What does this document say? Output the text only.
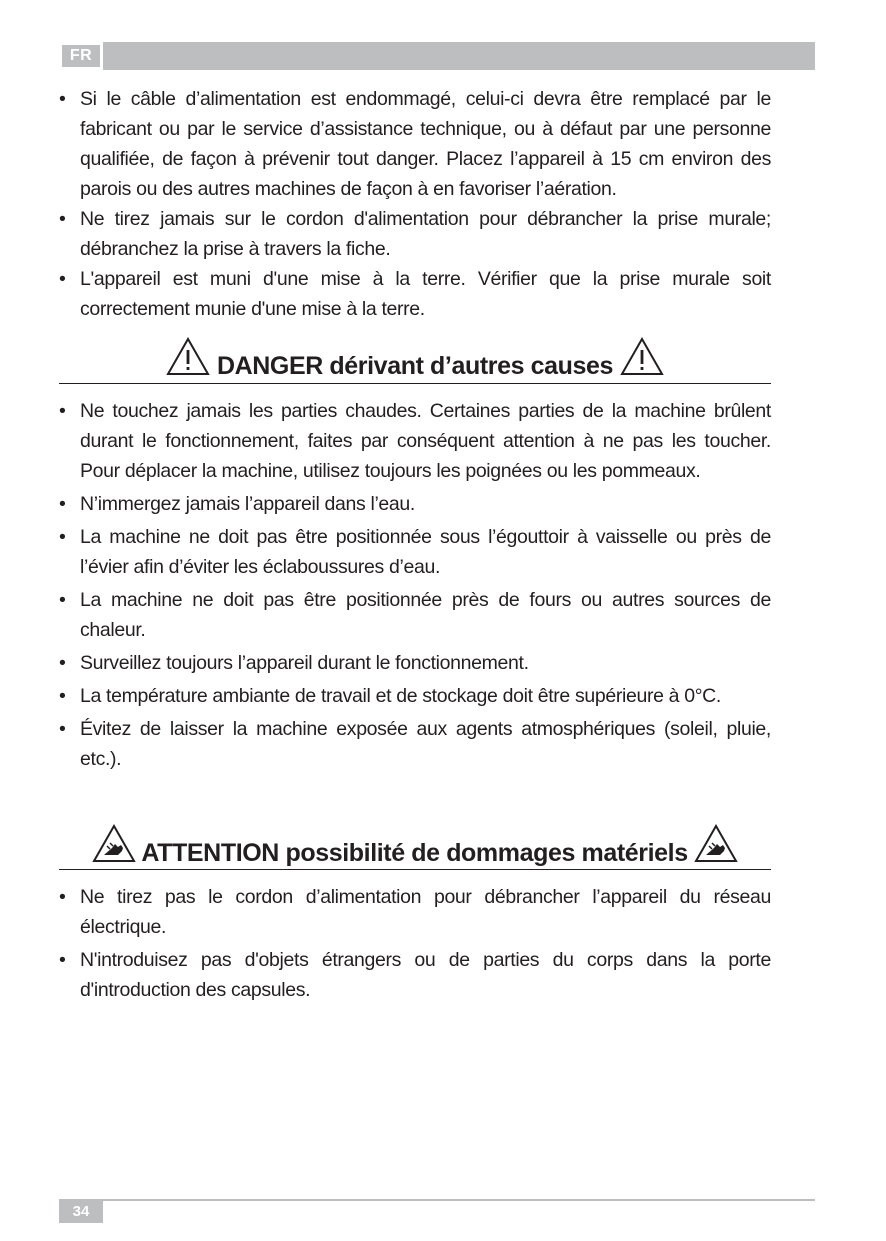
FR
• Si le câble d’alimentation est endommagé, celui-ci devra être remplacé par le fabricant ou par le service d’assistance technique, ou à défaut par une personne qualifiée, de façon à prévenir tout danger. Placez l’appareil à 15 cm environ des parois ou des autres machines de façon à en favoriser l’aération.
• Ne tirez jamais sur le cordon d'alimentation pour débrancher la prise murale; débranchez la prise à travers la fiche.
• L'appareil est muni d'une mise à la terre. Vérifier que la prise murale soit correctement munie d'une mise à la terre.
DANGER dérivant d’autres causes
• Ne touchez jamais les parties chaudes. Certaines parties de la machine brûlent durant le fonctionnement, faites par conséquent attention à ne pas les toucher. Pour déplacer la machine, utilisez toujours les poignées ou les pommeaux.
• N’immergez jamais l’appareil dans l’eau.
• La machine ne doit pas être positionnée sous l’égouttoir à vaisselle ou près de l’évier afin d’éviter les éclaboussures d’eau.
• La machine ne doit pas être positionnée près de fours ou autres sources de chaleur.
• Surveillez toujours l’appareil durant le fonctionnement.
• La température ambiante de travail et de stockage doit être supérieure à 0°C.
• Évitez de laisser la machine exposée aux agents atmosphériques (soleil, pluie, etc.).
ATTENTION possibilité de dommages matériels
• Ne tirez pas le cordon d’alimentation pour débrancher l’appareil du réseau électrique.
• N'introduisez pas d'objets étrangers ou de parties du corps dans la porte d'introduction des capsules.
34
